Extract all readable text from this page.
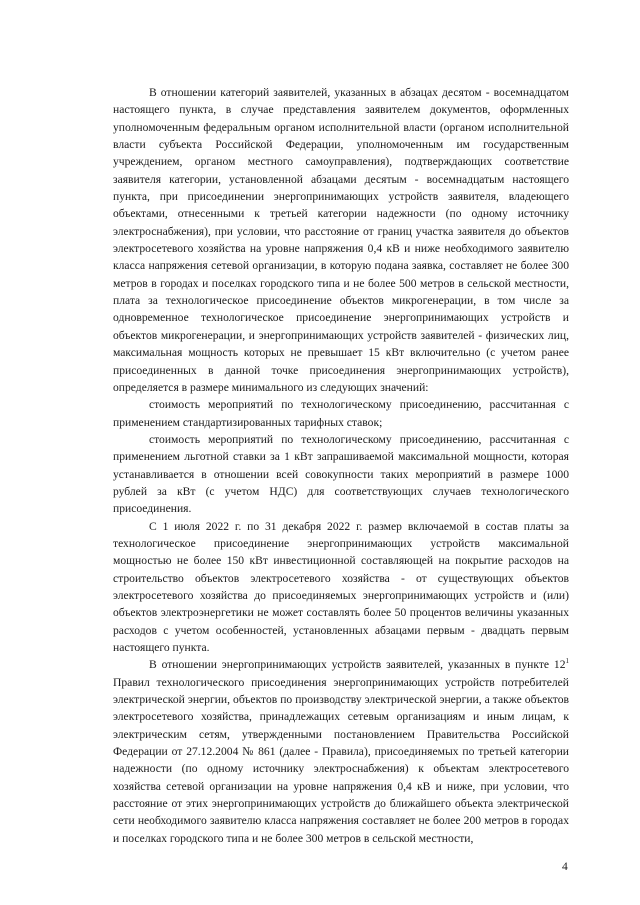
В отношении категорий заявителей, указанных в абзацах десятом - восемнадцатом настоящего пункта, в случае представления заявителем документов, оформленных уполномоченным федеральным органом исполнительной власти (органом исполнительной власти субъекта Российской Федерации, уполномоченным им государственным учреждением, органом местного самоуправления), подтверждающих соответствие заявителя категории, установленной абзацами десятым - восемнадцатым настоящего пункта, при присоединении энергопринимающих устройств заявителя, владеющего объектами, отнесенными к третьей категории надежности (по одному источнику электроснабжения), при условии, что расстояние от границ участка заявителя до объектов электросетевого хозяйства на уровне напряжения 0,4 кВ и ниже необходимого заявителю класса напряжения сетевой организации, в которую подана заявка, составляет не более 300 метров в городах и поселках городского типа и не более 500 метров в сельской местности, плата за технологическое присоединение объектов микрогенерации, в том числе за одновременное технологическое присоединение энергопринимающих устройств и объектов микрогенерации, и энергопринимающих устройств заявителей - физических лиц, максимальная мощность которых не превышает 15 кВт включительно (с учетом ранее присоединенных в данной точке присоединения энергопринимающих устройств), определяется в размере минимального из следующих значений:

стоимость мероприятий по технологическому присоединению, рассчитанная с применением стандартизированных тарифных ставок;

стоимость мероприятий по технологическому присоединению, рассчитанная с применением льготной ставки за 1 кВт запрашиваемой максимальной мощности, которая устанавливается в отношении всей совокупности таких мероприятий в размере 1000 рублей за кВт (с учетом НДС) для соответствующих случаев технологического присоединения.

С 1 июля 2022 г. по 31 декабря 2022 г. размер включаемой в состав платы за технологическое присоединение энергопринимающих устройств максимальной мощностью не более 150 кВт инвестиционной составляющей на покрытие расходов на строительство объектов электросетевого хозяйства - от существующих объектов электросетевого хозяйства до присоединяемых энергопринимающих устройств и (или) объектов электроэнергетики не может составлять более 50 процентов величины указанных расходов с учетом особенностей, установленных абзацами первым - двадцать первым настоящего пункта.

В отношении энергопринимающих устройств заявителей, указанных в пункте $12^1$ Правил технологического присоединения энергопринимающих устройств потребителей электрической энергии, объектов по производству электрической энергии, а также объектов электросетевого хозяйства, принадлежащих сетевым организациям и иным лицам, к электрическим сетям, утвержденными постановлением Правительства Российской Федерации от 27.12.2004 № 861 (далее - Правила), присоединяемых по третьей категории надежности (по одному источнику электроснабжения) к объектам электросетевого хозяйства сетевой организации на уровне напряжения 0,4 кВ и ниже, при условии, что расстояние от этих энергопринимающих устройств до ближайшего объекта электрической сети необходимого заявителю класса напряжения составляет не более 200 метров в городах и поселках городского типа и не более 300 метров в сельской местности,

4
